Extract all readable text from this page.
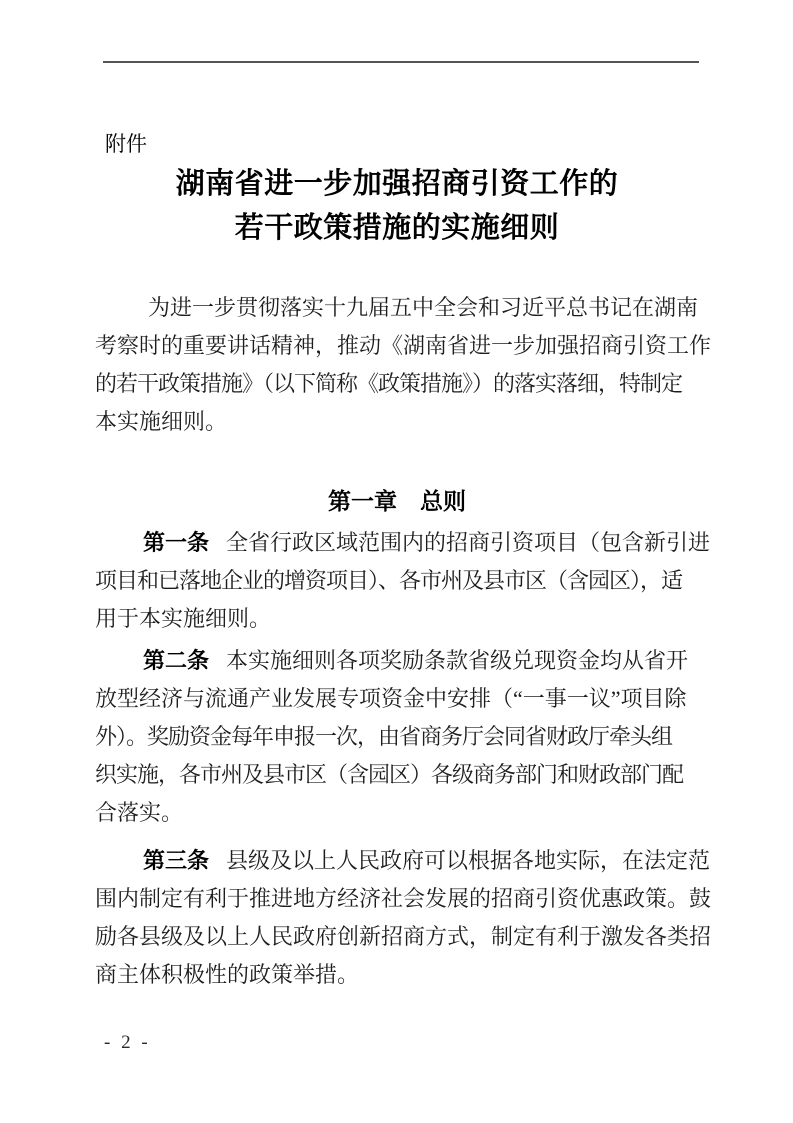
附件
湖南省进一步加强招商引资工作的
若干政策措施的实施细则
为进一步贯彻落实十九届五中全会和习近平总书记在湖南
考察时的重要讲话精神，推动《湖南省进一步加强招商引资工作
的若干政策措施》（以下简称《政策措施》）的落实落细，特制定
本实施细则。
第一章　总则
第一条 全省行政区域范围内的招商引资项目（包含新引进
项目和已落地企业的增资项目）、各市州及县市区（含园区），适
用于本实施细则。
第二条 本实施细则各项奖励条款省级兑现资金均从省开
放型经济与流通产业发展专项资金中安排（“一事一议”项目除
外）。奖励资金每年申报一次，由省商务厅会同省财政厅牵头组
织实施，各市州及县市区（含园区）各级商务部门和财政部门配
合落实。
第三条 县级及以上人民政府可以根据各地实际，在法定范
围内制定有利于推进地方经济社会发展的招商引资优惠政策。鼓
励各县级及以上人民政府创新招商方式，制定有利于激发各类招
商主体积极性的政策举措。
- 2 -
